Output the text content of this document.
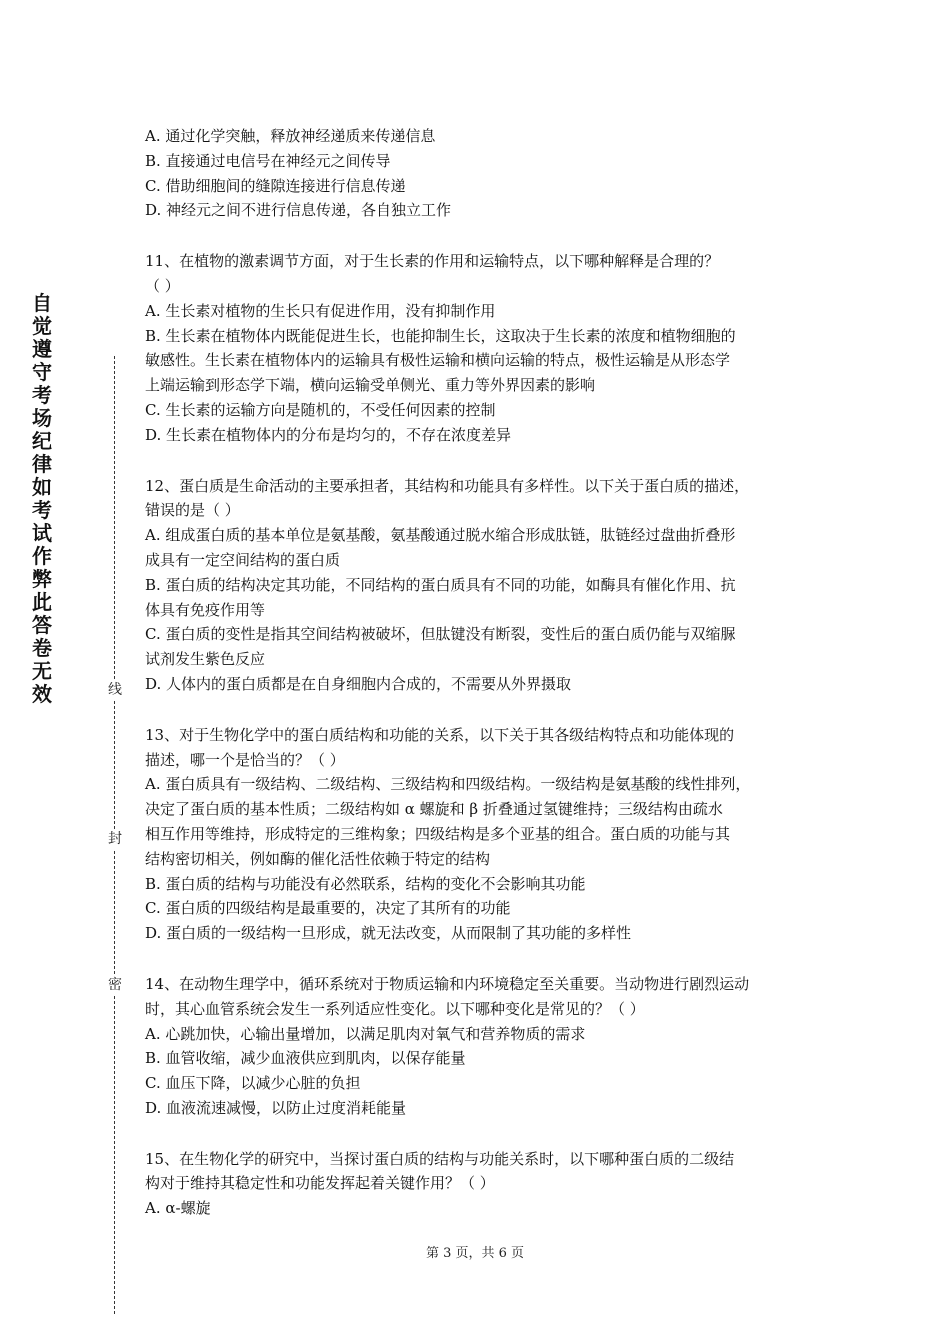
自觉遵守考场纪律如考试作弊此答卷无效	线
封
密
A. 通过化学突触，释放神经递质来传递信息
B. 直接通过电信号在神经元之间传导
C. 借助细胞间的缝隙连接进行信息传递
D. 神经元之间不进行信息传递，各自独立工作
11、在植物的激素调节方面，对于生长素的作用和运输特点，以下哪种解释是合理的？
（ ）
A. 生长素对植物的生长只有促进作用，没有抑制作用
B. 生长素在植物体内既能促进生长，也能抑制生长，这取决于生长素的浓度和植物细胞的
敏感性。生长素在植物体内的运输具有极性运输和横向运输的特点，极性运输是从形态学
上端运输到形态学下端，横向运输受单侧光、重力等外界因素的影响
C. 生长素的运输方向是随机的，不受任何因素的控制
D. 生长素在植物体内的分布是均匀的，不存在浓度差异
12、蛋白质是生命活动的主要承担者，其结构和功能具有多样性。以下关于蛋白质的描述，
错误的是（ ）
A. 组成蛋白质的基本单位是氨基酸，氨基酸通过脱水缩合形成肽链，肽链经过盘曲折叠形
成具有一定空间结构的蛋白质
B. 蛋白质的结构决定其功能，不同结构的蛋白质具有不同的功能，如酶具有催化作用、抗
体具有免疫作用等
C. 蛋白质的变性是指其空间结构被破坏，但肽键没有断裂，变性后的蛋白质仍能与双缩脲
试剂发生紫色反应
D. 人体内的蛋白质都是在自身细胞内合成的，不需要从外界摄取
13、对于生物化学中的蛋白质结构和功能的关系，以下关于其各级结构特点和功能体现的
描述，哪一个是恰当的？（ ）
A. 蛋白质具有一级结构、二级结构、三级结构和四级结构。一级结构是氨基酸的线性排列，
决定了蛋白质的基本性质；二级结构如 α 螺旋和 β 折叠通过氢键维持；三级结构由疏水
相互作用等维持，形成特定的三维构象；四级结构是多个亚基的组合。蛋白质的功能与其
结构密切相关，例如酶的催化活性依赖于特定的结构
B. 蛋白质的结构与功能没有必然联系，结构的变化不会影响其功能
C. 蛋白质的四级结构是最重要的，决定了其所有的功能
D. 蛋白质的一级结构一旦形成，就无法改变，从而限制了其功能的多样性
14、在动物生理学中，循环系统对于物质运输和内环境稳定至关重要。当动物进行剧烈运动
时，其心血管系统会发生一系列适应性变化。以下哪种变化是常见的？（ ）
A. 心跳加快，心输出量增加，以满足肌肉对氧气和营养物质的需求
B. 血管收缩，减少血液供应到肌肉，以保存能量
C. 血压下降，以减少心脏的负担
D. 血液流速减慢，以防止过度消耗能量
15、在生物化学的研究中，当探讨蛋白质的结构与功能关系时，以下哪种蛋白质的二级结
构对于维持其稳定性和功能发挥起着关键作用？（ ）
A. α-螺旋
第 3 页，共 6 页
